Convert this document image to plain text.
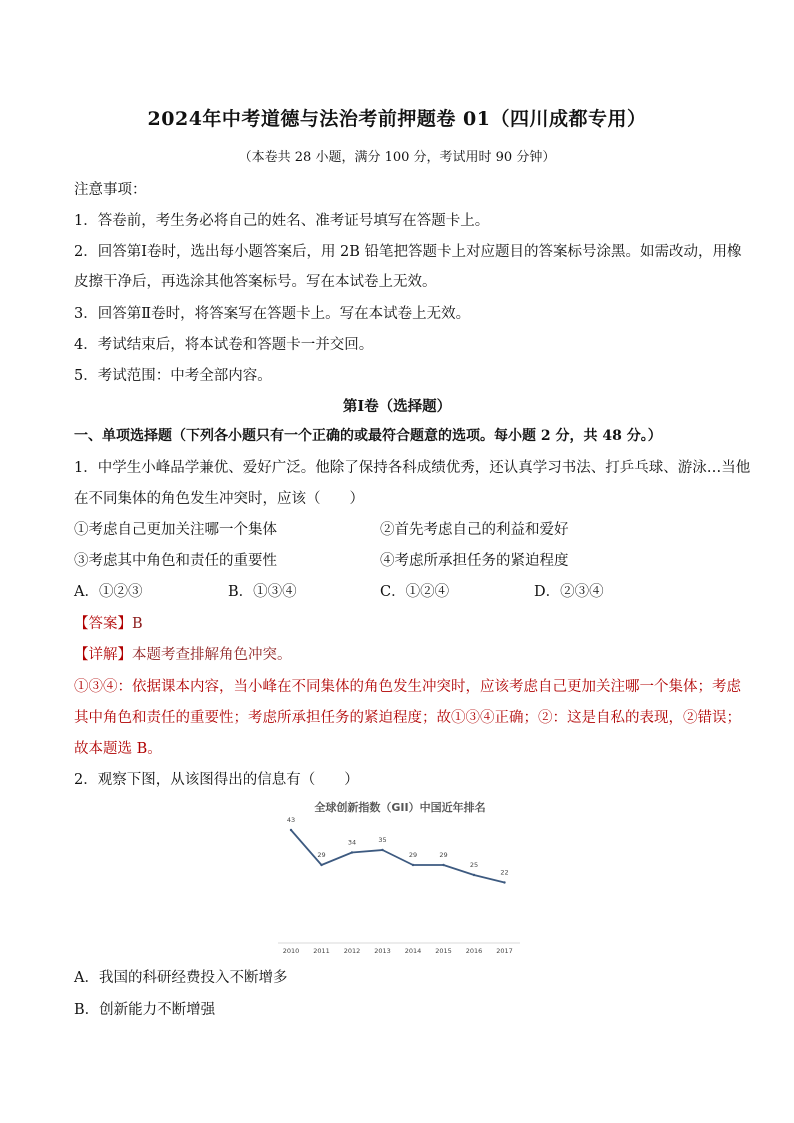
2024年中考道德与法治考前押题卷 01（四川成都专用）
（本卷共 28 小题，满分 100 分，考试用时 90 分钟）
注意事项：
1．答卷前，考生务必将自己的姓名、准考证号填写在答题卡上。
2．回答第Ⅰ卷时，选出每小题答案后，用 2B 铅笔把答题卡上对应题目的答案标号涂黑。如需改动，用橡
皮擦干净后，再选涂其他答案标号。写在本试卷上无效。
3．回答第Ⅱ卷时，将答案写在答题卡上。写在本试卷上无效。
4．考试结束后，将本试卷和答题卡一并交回。
5．考试范围：中考全部内容。
第Ⅰ卷（选择题）
一、单项选择题（下列各小题只有一个正确的或最符合题意的选项。每小题 2 分，共 48 分。）
1．中学生小峰品学兼优、爱好广泛。他除了保持各科成绩优秀，还认真学习书法、打乒乓球、游泳…当他
在不同集体的角色发生冲突时，应该（　　）
①考虑自己更加关注哪一个集体	②首先考虑自己的利益和爱好
③考虑其中角色和责任的重要性	④考虑所承担任务的紧迫程度
A．①②③	B．①③④	C．①②④	D．②③④
【答案】B
【详解】本题考查排解角色冲突。
①③④：依据课本内容，当小峰在不同集体的角色发生冲突时，应该考虑自己更加关注哪一个集体；考虑
其中角色和责任的重要性；考虑所承担任务的紧迫程度；故①③④正确；②：这是自私的表现，②错误；
故本题选 B。
2．观察下图，从该图得出的信息有（　　）
全球创新指数（GII）中国近年排名
43
29
34	35
29	29
25
22
2010 2011 2012 2013 2014 2015 2016 2017
A．我国的科研经费投入不断增多
B．创新能力不断增强
